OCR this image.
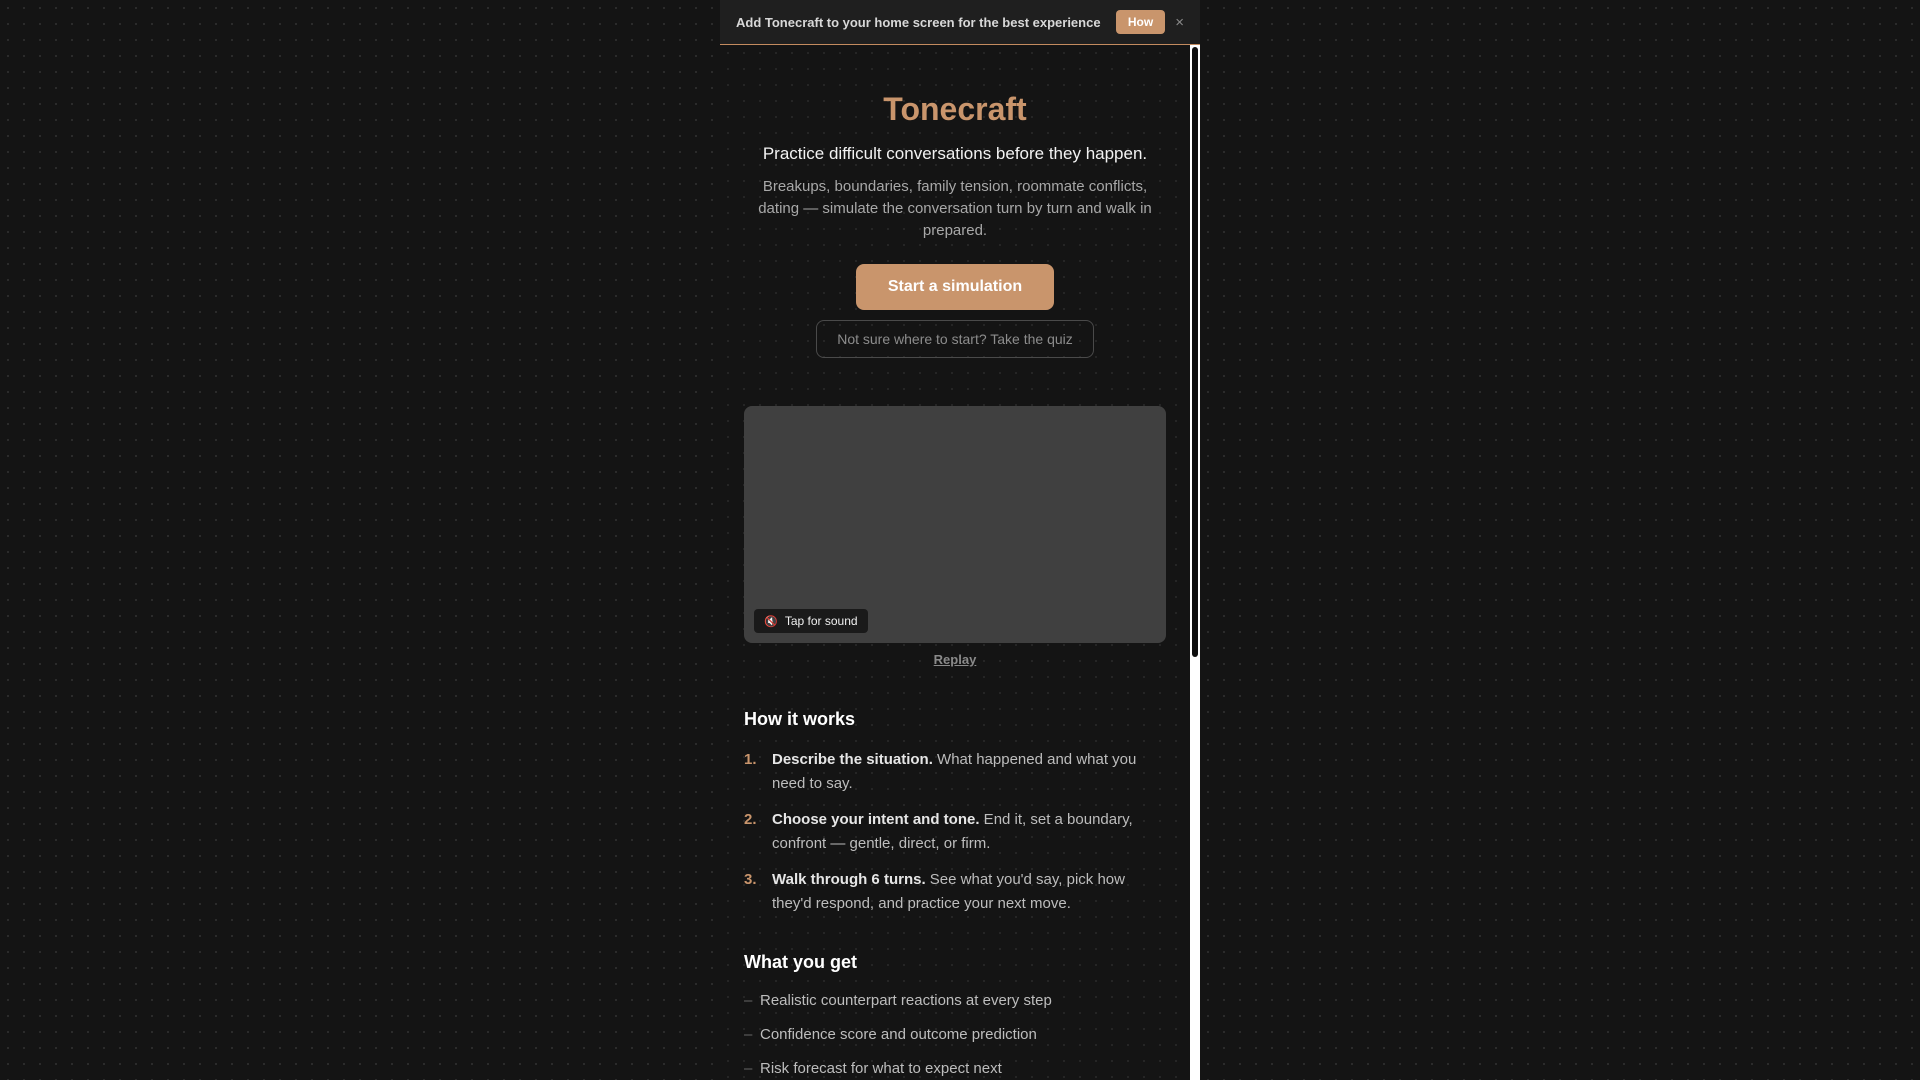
Add Tonecraft to your home screen for the best experience	How	×
Tonecraft

Practice difficult conversations before they happen.

Breakups, boundaries, family tension, roommate conflicts, dating — simulate the conversation turn by turn and walk in prepared.

Start a simulation
Not sure where to start? Take the quiz
🔇 Tap for sound
Replay
How it works
1.	Describe the situation. What happened and what you need to say.
2.	Choose your intent and tone. End it, set a boundary, confront — gentle, direct, or firm.
3.	Walk through 6 turns. See what you'd say, pick how they'd respond, and practice your next move.
What you get
– Realistic counterpart reactions at every step
– Confidence score and outcome prediction
– Risk forecast for what to expect next
